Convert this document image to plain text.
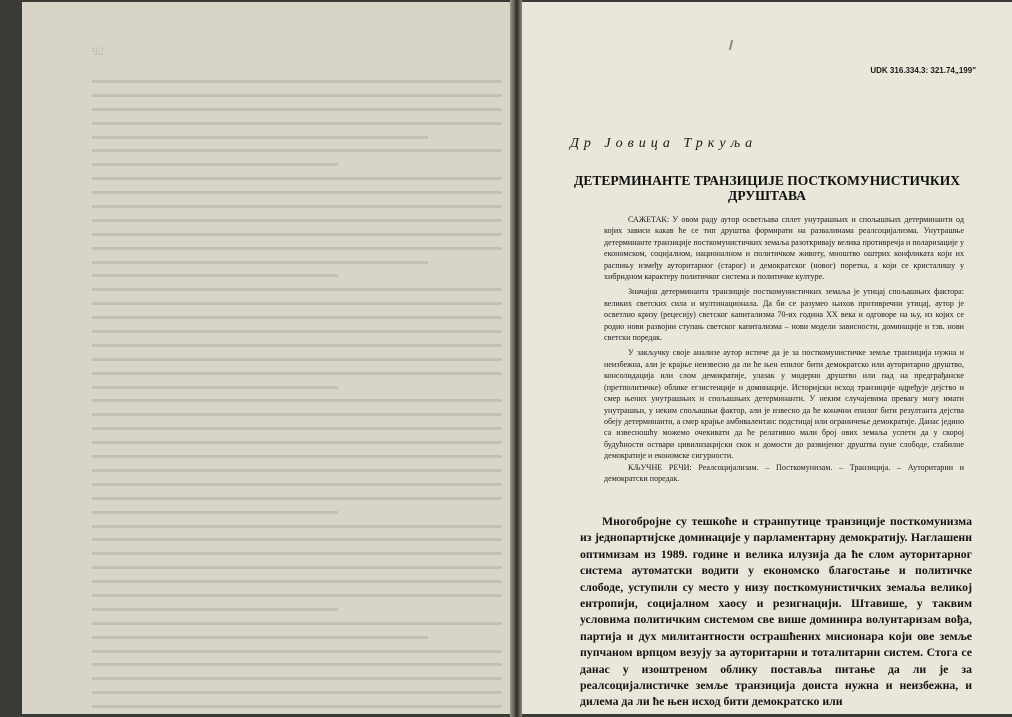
92
UDK 316.334.3: 321.74„199"
Др Јовица Тркуља
ДЕТЕРМИНАНТЕ ТРАНЗИЦИЈЕ ПОСТКОМУНИСТИЧКИХ
ДРУШТАВА

САЖЕТАК: У овом раду аутор осветљава сплет унутрашњих и спољашњих детерминанти од којих зависи какав ће се тип друштва формирати на развалинама реалсоцијализма. Унутрашње детерминанте транзиције посткомунистичких земаља разоткривају велика противречја и поларизације у економском, социјалном, националном и политичком животу, мноштво оштрих конфликата који их распињу између ауторитарног (старог) и демократског (новог) поретка, а који се кристалишу у хибридном карактеру политичког система и политичке културе.

Значајна детерминанта транзиције посткомунистичких земаља је утицај спољашњих фактора: великих светских сила и мултинационала. Да би се разумео њихов противречни утицај, аутор је осветлио кризу (рецесију) светског капитализма 70-их година XX века и одговоре на њу, из којих се родио нови развојни ступањ светског капитализма – нови модели зависности, доминације и тзв. нови светски поредак.

У закључку своје анализе аутор истиче да је за посткомунистичке земље транзиција нужна и неизбежна, али је крајње неизвесно да ли ће њен епилог бити демократско или ауторитарно друштво, консолидација или слом демократије, улазак у модерно друштво или пад на предграђанске (претполитичке) облике егзистенције и доминације. Историјски исход транзиције одређује дејство и смер њених унутрашњих и спољашњих детерминанти. У неким случајевима превагу могу имати унутрашњи, у неким спољашњи фактор, али је извесно да ће коначни епилог бити резултанта дејства обеју детерминанти, а смер крајње амбивалентан: подстицај или ограничење демократије. Данас једино са извесношћу можемо очекивати да ће релативно мали број ових земаља успети да у скорој будућности оствари цивилизацијски скок и домости до развијеног друштва пуне слободе, стабилне демократије и економске сигурности.

КЉУЧНЕ РЕЧИ: Реалсоцијализам. – Посткомунизам. – Транзиција. – Ауторитарни и демократски поредак.

Многобројне су тешкоће и странпутице транзиције посткомунизма из једнопартијске доминације у парламентарну демократију. Наглашени оптимизам из 1989. године и велика илузија да ће слом ауторитарног система аутоматски водити у економско благостање и политичке слободе, уступили су место у низу посткомунистичких земаља великој ентропији, социјалном хаосу и резигнацији. Штавише, у таквим условима политичким системом све више доминира волунтаризам вођа, партија и дух милитантности острашћених мисионара који ове земље пупчаном врпцом везују за ауторитарни и тоталитарни систем. Стога се данас у изоштреном облику поставља питање да ли је за реалсоцијалистичке земље транзиција доиста нужна и неизбежна, и дилема да ли ће њен исход бити демократско или
